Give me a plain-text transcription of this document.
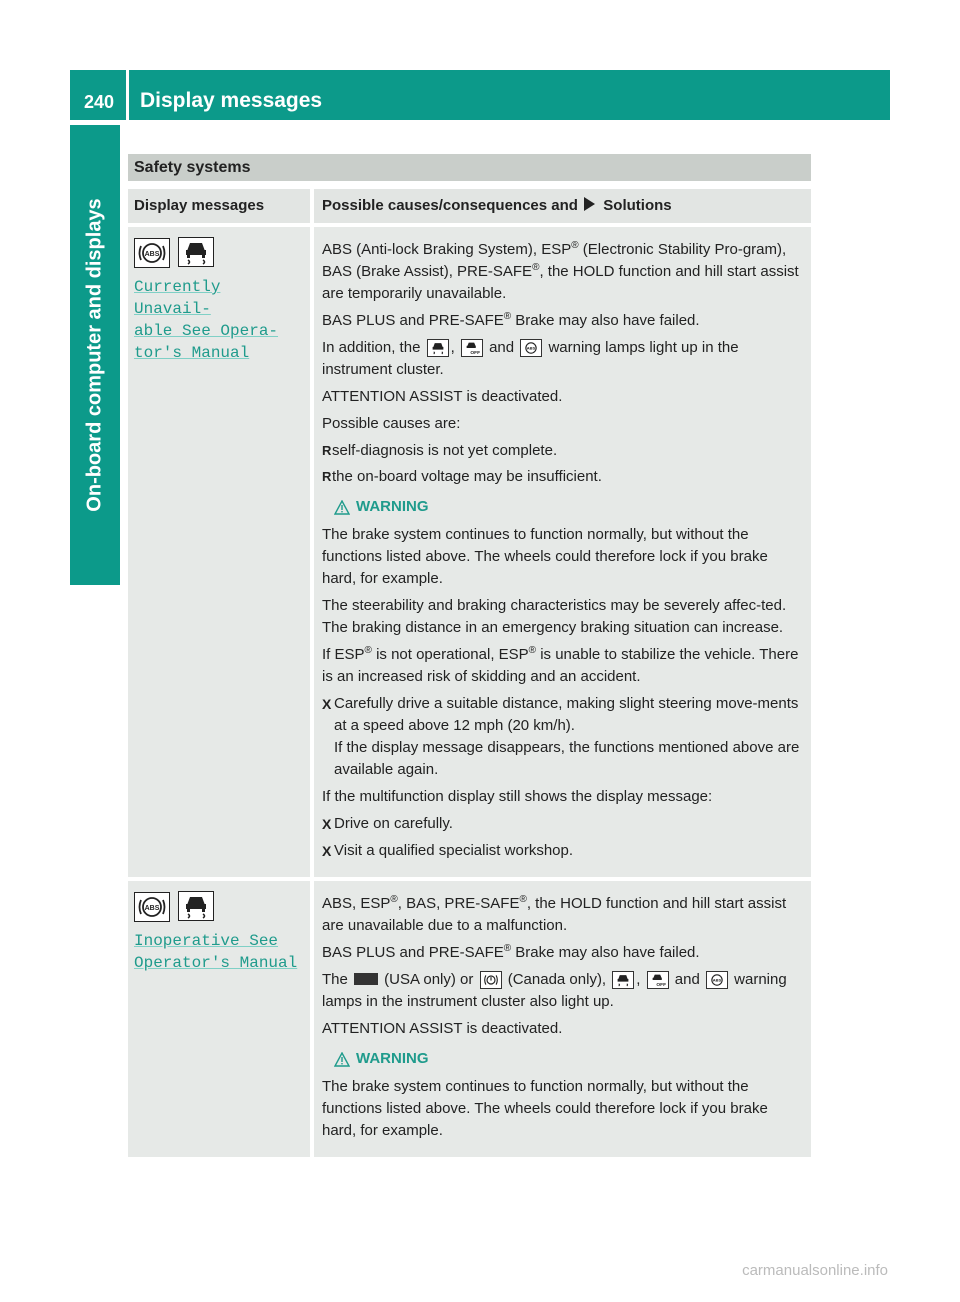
240 Display messages
On-board computer and displays
Safety systems
Display messages	Possible causes/consequences and Solutions
ABS

Currently Unavail-
able See Opera-
tor's Manual

ABS (Anti-lock Braking System), ESP® (Electronic Stability Pro-gram), BAS (Brake Assist), PRE-SAFE®, the HOLD function and hill start assist are temporarily unavailable.

BAS PLUS and PRE-SAFE® Brake may also have failed.

In addition, the
, OFF and ABS warning lamps light up in the instrument cluster.

ATTENTION ASSIST is deactivated.

Possible causes are:

R self-diagnosis is not yet complete.
R the on-board voltage may be insufficient.
WARNING

The brake system continues to function normally, but without the functions listed above. The wheels could therefore lock if you brake hard, for example.

The steerability and braking characteristics may be severely affec-ted. The braking distance in an emergency braking situation can increase.

If ESP® is not operational, ESP® is unable to stabilize the vehicle. There is an increased risk of skidding and an accident.

X Carefully drive a suitable distance, making slight steering move-ments at a speed above 12 mph (20 km/h).
If the display message disappears, the functions mentioned above are available again.

If the multifunction display still shows the display message:

X Drive on carefully.
X Visit a qualified specialist workshop.
ABS

Inoperative See
Operator's Manual

ABS, ESP®, BAS, PRE-SAFE®, the HOLD function and hill start assist are unavailable due to a malfunction.

BAS PLUS and PRE-SAFE® Brake may also have failed.

The  (USA only) or
(Canada only),
, OFF and ABS warning lamps in the instrument cluster also light up.

ATTENTION ASSIST is deactivated.

WARNING

The brake system continues to function normally, but without the functions listed above. The wheels could therefore lock if you brake hard, for example.

carmanualsonline.info
